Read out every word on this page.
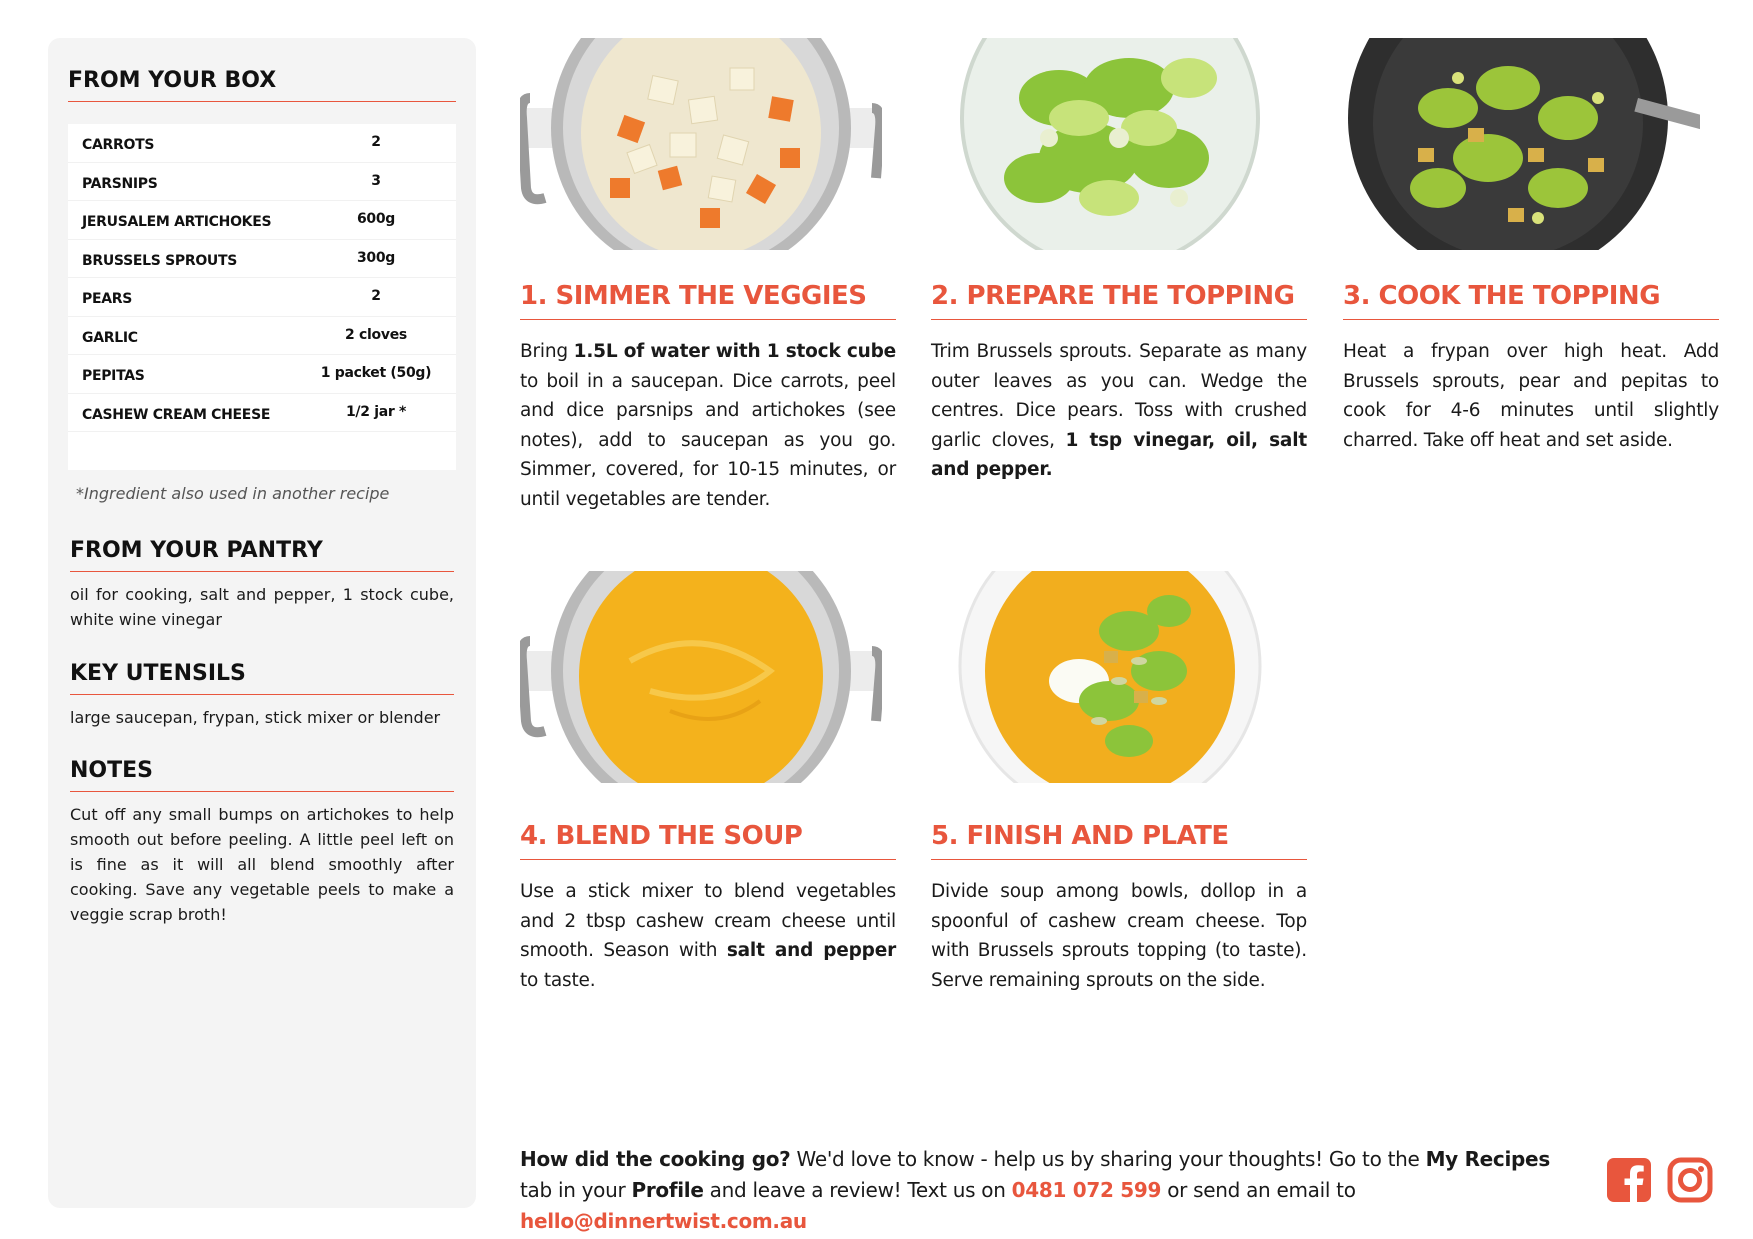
FROM YOUR BOX
CARROTS	2
PARSNIPS	3
JERUSALEM ARTICHOKES	600g
BRUSSELS SPROUTS	300g
PEARS	2
GARLIC	2 cloves
PEPITAS	1 packet (50g)
CASHEW CREAM CHEESE	1/2 jar *
*Ingredient also used in another recipe
FROM YOUR PANTRY
oil for cooking, salt and pepper, 1 stock cube, white wine vinegar
KEY UTENSILS
large saucepan, frypan, stick mixer or blender
NOTES
Cut off any small bumps on artichokes to help smooth out before peeling. A little peel left on is fine as it will all blend smoothly after cooking. Save any vegetable peels to make a veggie scrap broth!
1. SIMMER THE VEGGIES	2. PREPARE THE TOPPING	3. COOK THE TOPPING
4. BLEND THE SOUP	5. FINISH AND PLATE
Bring 1.5L of water with 1 stock cube to boil in a saucepan. Dice carrots, peel and dice parsnips and artichokes (see notes), add to saucepan as you go. Simmer, covered, for 10-15 minutes, or until vegetables are tender.
Trim Brussels sprouts. Separate as many outer leaves as you can. Wedge the centres. Dice pears. Toss with crushed garlic cloves, 1 tsp vinegar, oil, salt and pepper.
Heat a frypan over high heat. Add Brussels sprouts, pear and pepitas to cook for 4-6 minutes until slightly charred. Take off heat and set aside.
Use a stick mixer to blend vegetables and 2 tbsp cashew cream cheese until smooth. Season with salt and pepper to taste.
Divide soup among bowls, dollop in a spoonful of cashew cream cheese. Top with Brussels sprouts topping (to taste). Serve remaining sprouts on the side.
How did the cooking go? We'd love to know - help us by sharing your thoughts! Go to the My Recipes tab in your Profile and leave a review! Text us on 0481 072 599 or send an email to hello@dinnertwist.com.au
